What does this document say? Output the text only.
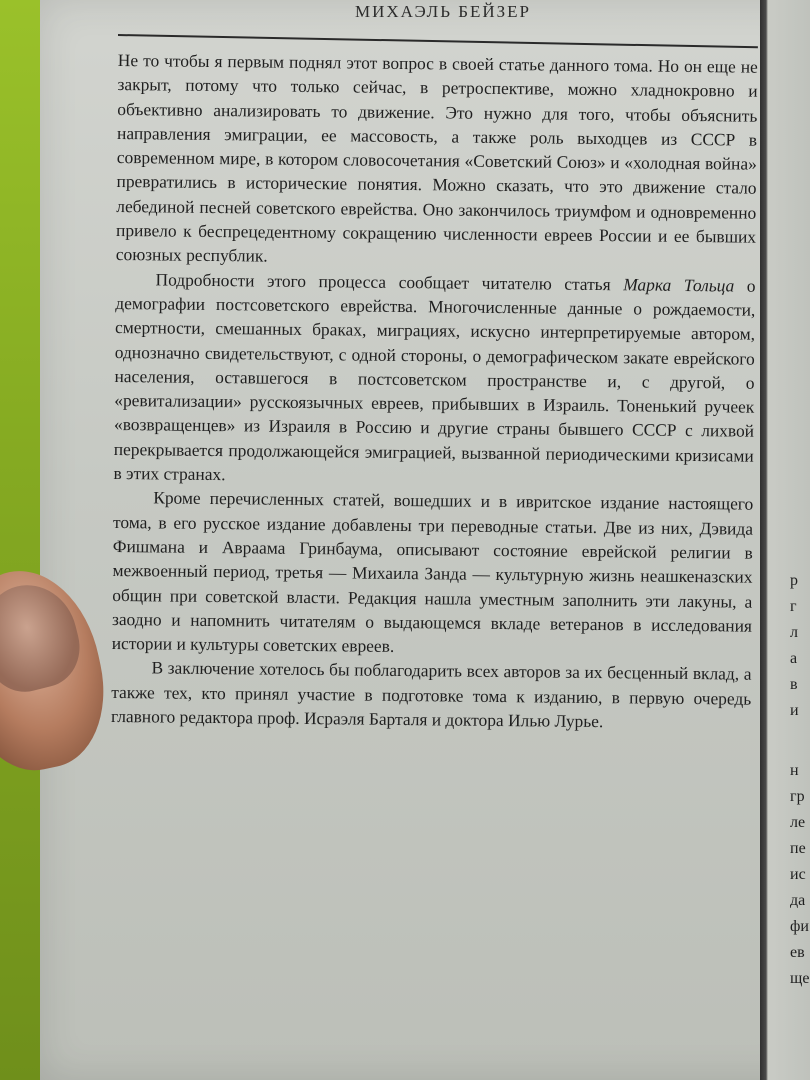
МИХАЭЛЬ БЕЙЗЕР

Не то чтобы я первым поднял этот вопрос в своей статье данного тома. Но он еще не закрыт, потому что только сейчас, в ретроспективе, можно хладнокровно и объективно анализировать то движение. Это нужно для того, чтобы объяснить направления эмиграции, ее массовость, а также роль выходцев из СССР в современном мире, в котором словосочетания «Советский Союз» и «холодная война» превратились в исторические понятия. Можно сказать, что это движение стало лебединой песней советского еврейства. Оно закончилось триумфом и одновременно привело к беспрецедентному сокращению численности евреев России и ее бывших союзных республик.

Подробности этого процесса сообщает читателю статья Марка Тольца о демографии постсоветского еврейства. Многочисленные данные о рождаемости, смертности, смешанных браках, миграциях, искусно интерпретируемые автором, однозначно свидетельствуют, с одной стороны, о демографическом закате еврейского населения, оставшегося в постсоветском пространстве и, с другой, о «ревитализации» русскоязычных евреев, прибывших в Израиль. Тоненький ручеек «возвращенцев» из Израиля в Россию и другие страны бывшего СССР с лихвой перекрывается продолжающейся эмиграцией, вызванной периодическими кризисами в этих странах.

Кроме перечисленных статей, вошедших и в ивритское издание настоящего тома, в его русское издание добавлены три переводные статьи. Две из них, Дэвида Фишмана и Авраама Гринбаума, описывают состояние еврейской религии в межвоенный период, третья — Михаила Занда — культурную жизнь неашкеназских общин при советской власти. Редакция нашла уместным заполнить эти лакуны, а заодно и напомнить читателям о выдающемся вкладе ветеранов в исследования истории и культуры советских евреев.

В заключение хотелось бы поблагодарить всех авторов за их бесценный вклад, а также тех, кто принял участие в подготовке тома к изданию, в первую очередь главного редактора проф. Исраэля Барталя и доктора Илью Лурье.

р
г
л
а
в
и
н
гр
ле
пе
ис
да
фи
ев
ще
